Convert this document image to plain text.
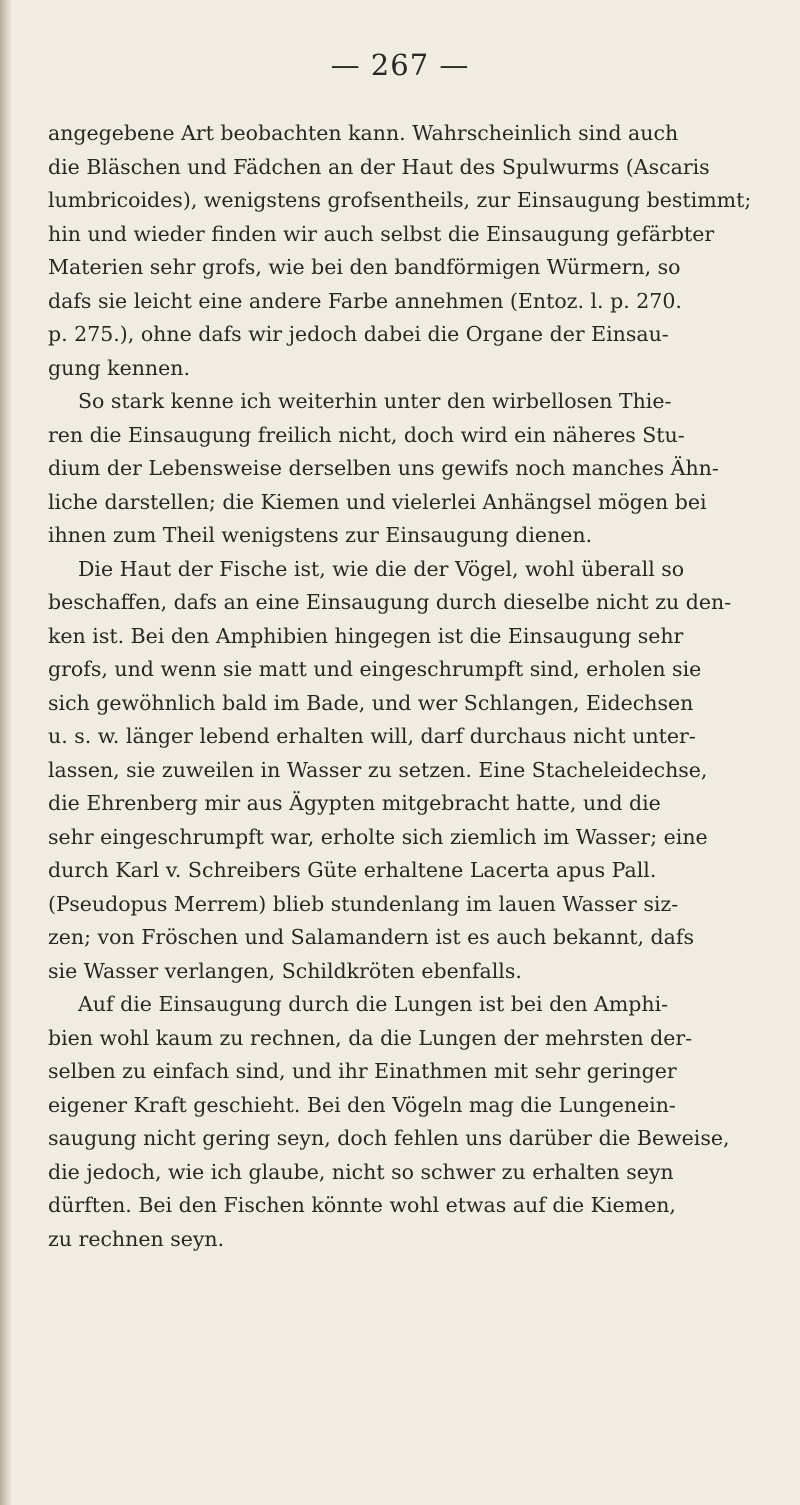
— 267 —
angegebene Art beobachten kann. Wahrscheinlich sind auch
die Bläschen und Fädchen an der Haut des Spulwurms (Ascaris
lumbricoides), wenigstens grofsentheils, zur Einsaugung bestimmt;
hin und wieder finden wir auch selbst die Einsaugung gefärbter
Materien sehr grofs, wie bei den bandförmigen Würmern, so
dafs sie leicht eine andere Farbe annehmen (Entoz. l. p. 270.
p. 275.), ohne dafs wir jedoch dabei die Organe der Einsau-
gung kennen.
So stark kenne ich weiterhin unter den wirbellosen Thie-
ren die Einsaugung freilich nicht, doch wird ein näheres Stu-
dium der Lebensweise derselben uns gewifs noch manches Ähn-
liche darstellen; die Kiemen und vielerlei Anhängsel mögen bei
ihnen zum Theil wenigstens zur Einsaugung dienen.
Die Haut der Fische ist, wie die der Vögel, wohl überall so
beschaffen, dafs an eine Einsaugung durch dieselbe nicht zu den-
ken ist. Bei den Amphibien hingegen ist die Einsaugung sehr
grofs, und wenn sie matt und eingeschrumpft sind, erholen sie
sich gewöhnlich bald im Bade, und wer Schlangen, Eidechsen
u. s. w. länger lebend erhalten will, darf durchaus nicht unter-
lassen, sie zuweilen in Wasser zu setzen. Eine Stacheleidechse,
die Ehrenberg mir aus Ägypten mitgebracht hatte, und die
sehr eingeschrumpft war, erholte sich ziemlich im Wasser; eine
durch Karl v. Schreibers Güte erhaltene Lacerta apus Pall.
(Pseudopus Merrem) blieb stundenlang im lauen Wasser siz-
zen; von Fröschen und Salamandern ist es auch bekannt, dafs
sie Wasser verlangen, Schildkröten ebenfalls.
Auf die Einsaugung durch die Lungen ist bei den Amphi-
bien wohl kaum zu rechnen, da die Lungen der mehrsten der-
selben zu einfach sind, und ihr Einathmen mit sehr geringer
eigener Kraft geschieht. Bei den Vögeln mag die Lungenein-
saugung nicht gering seyn, doch fehlen uns darüber die Beweise,
die jedoch, wie ich glaube, nicht so schwer zu erhalten seyn
dürften. Bei den Fischen könnte wohl etwas auf die Kiemen,
zu rechnen seyn.
